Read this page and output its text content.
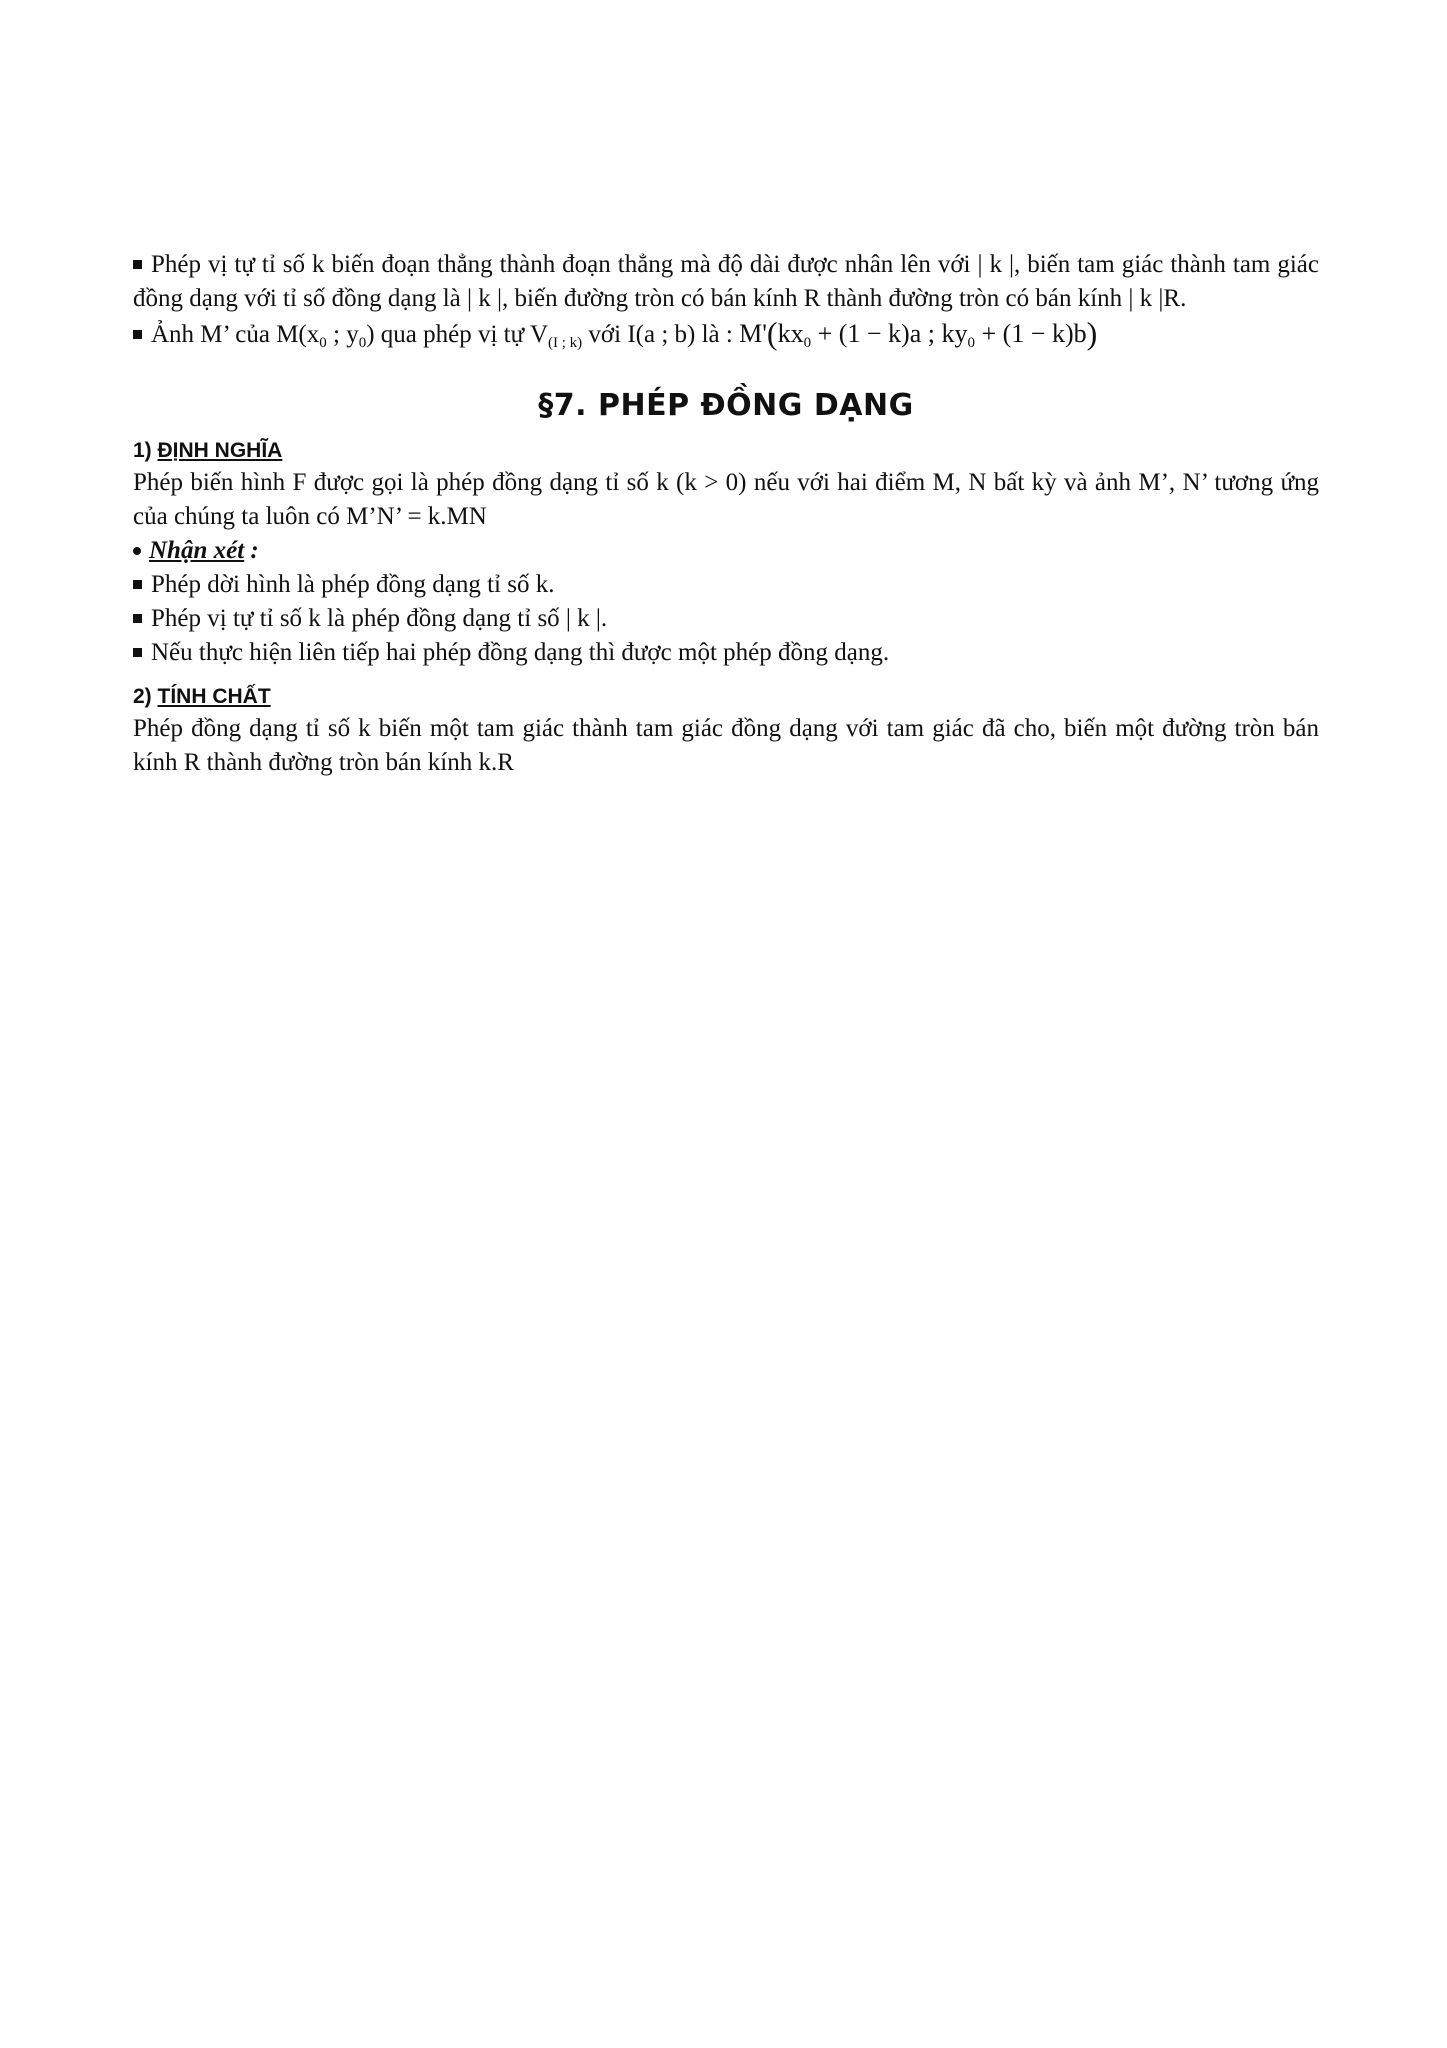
Phép vị tự tỉ số k biến đoạn thẳng thành đoạn thẳng mà độ dài được nhân lên với | k |, biến tam giác thành tam giác đồng dạng với tỉ số đồng dạng là | k |, biến đường tròn có bán kính R thành đường tròn có bán kính | k |R.

Ảnh M’ của $M(x_0$ ; $y_0$) qua phép vị tự $V_{(I ; k)}$ với I(a ; b) là : $M'(kx_0 + (1 - k)a$ ; $ky_0 + (1 - k)b$)

§7. PHÉP ĐỒNG DẠNG

1) ĐỊNH NGHĨA

Phép biến hình F được gọi là phép đồng dạng tỉ số k (k > 0) nếu với hai điểm M, N bất kỳ và ảnh M’, N’ tương ứng của chúng ta luôn có M’N’ = k.MN

Nhận xét :

Phép dời hình là phép đồng dạng tỉ số k.

Phép vị tự tỉ số k là phép đồng dạng tỉ số | k |.

Nếu thực hiện liên tiếp hai phép đồng dạng thì được một phép đồng dạng.

2) TÍNH CHẤT

Phép đồng dạng tỉ số k biến một tam giác thành tam giác đồng dạng với tam giác đã cho, biến một đường tròn bán kính R thành đường tròn bán kính k.R
